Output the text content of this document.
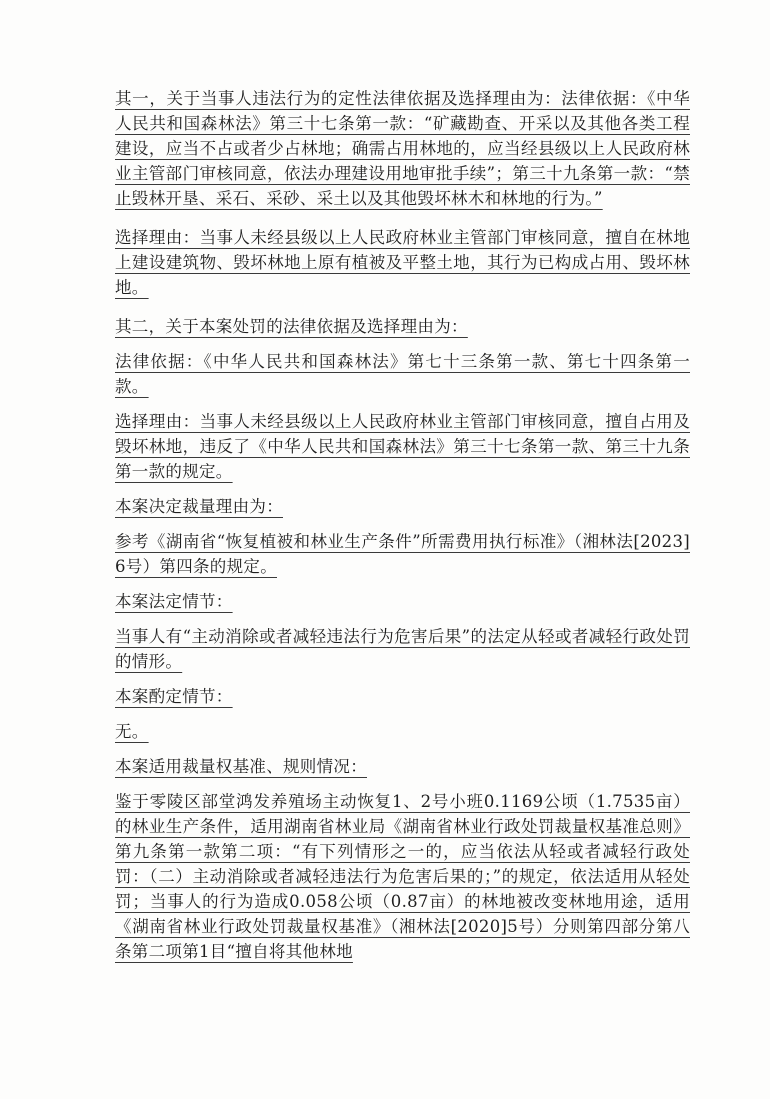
其一，关于当事人违法行为的定性法律依据及选择理由为：法律依据：《中华人民共和国森林法》第三十七条第一款：“矿藏勘查、开采以及其他各类工程建设，应当不占或者少占林地；确需占用林地的，应当经县级以上人民政府林业主管部门审核同意，依法办理建设用地审批手续”；第三十九条第一款：“禁止毁林开垦、采石、采砂、采土以及其他毁坏林木和林地的行为。”

选择理由：当事人未经县级以上人民政府林业主管部门审核同意，擅自在林地上建设建筑物、毁坏林地上原有植被及平整土地，其行为已构成占用、毁坏林地。

其二，关于本案处罚的法律依据及选择理由为：

法律依据：《中华人民共和国森林法》第七十三条第一款、第七十四条第一款。

选择理由：当事人未经县级以上人民政府林业主管部门审核同意，擅自占用及毁坏林地，违反了《中华人民共和国森林法》第三十七条第一款、第三十九条第一款的规定。

本案决定裁量理由为：

参考《湖南省“恢复植被和林业生产条件”所需费用执行标准》（湘林法[2023]6号）第四条的规定。

本案法定情节：

当事人有“主动消除或者减轻违法行为危害后果”的法定从轻或者减轻行政处罚的情形。

本案酌定情节：

无。

本案适用裁量权基准、规则情况：

鉴于零陵区部堂鸿发养殖场主动恢复1、2号小班0.1169公顷（1.7535亩）的林业生产条件，适用湖南省林业局《湖南省林业行政处罚裁量权基准总则》第九条第一款第二项：“有下列情形之一的，应当依法从轻或者减轻行政处罚：（二）主动消除或者减轻违法行为危害后果的；”的规定，依法适用从轻处罚；当事人的行为造成0.058公顷（0.87亩）的林地被改变林地用途，适用《湖南省林业行政处罚裁量权基准》（湘林法[2020]5号）分则第四部分第八条第二项第1目“擅自将其他林地
